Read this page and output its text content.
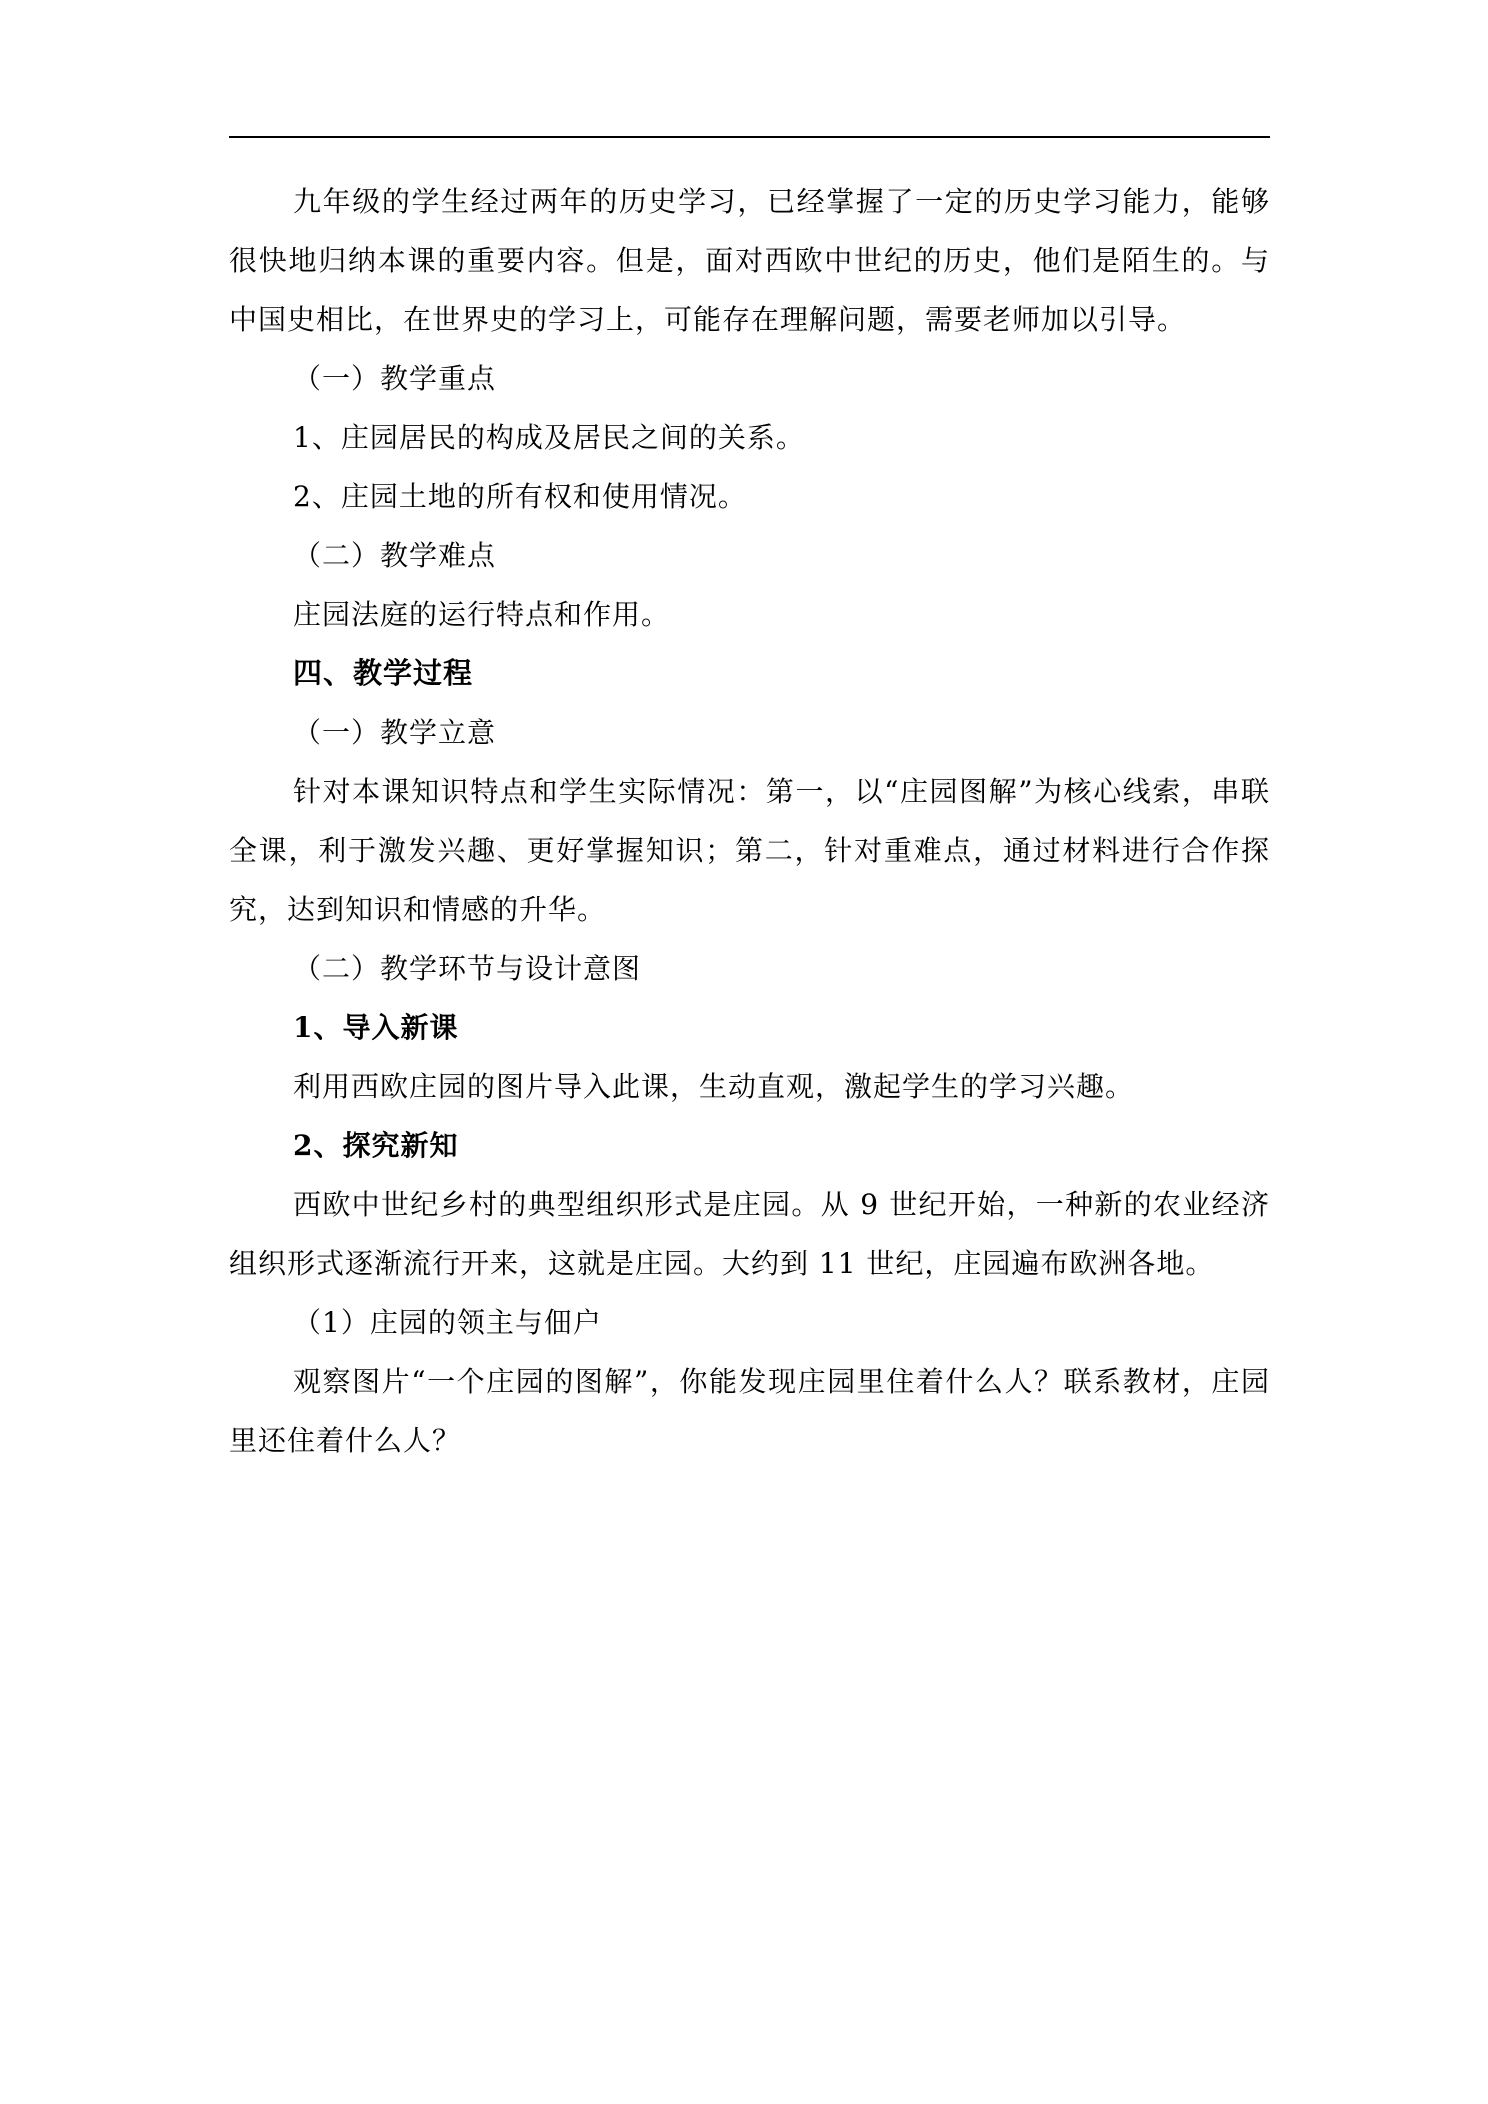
九年级的学生经过两年的历史学习，已经掌握了一定的历史学习能力，能够很快地归纳本课的重要内容。但是，面对西欧中世纪的历史，他们是陌生的。与中国史相比，在世界史的学习上，可能存在理解问题，需要老师加以引导。

（一）教学重点

1、庄园居民的构成及居民之间的关系。

2、庄园土地的所有权和使用情况。

（二）教学难点

庄园法庭的运行特点和作用。

四、教学过程

（一）教学立意

针对本课知识特点和学生实际情况：第一，以“庄园图解”为核心线索，串联全课，利于激发兴趣、更好掌握知识；第二，针对重难点，通过材料进行合作探究，达到知识和情感的升华。

（二）教学环节与设计意图

1、导入新课

利用西欧庄园的图片导入此课，生动直观，激起学生的学习兴趣。

2、探究新知

西欧中世纪乡村的典型组织形式是庄园。从 9 世纪开始，一种新的农业经济组织形式逐渐流行开来，这就是庄园。大约到 11 世纪，庄园遍布欧洲各地。

（1）庄园的领主与佃户

观察图片“一个庄园的图解”，你能发现庄园里住着什么人？联系教材，庄园里还住着什么人？
